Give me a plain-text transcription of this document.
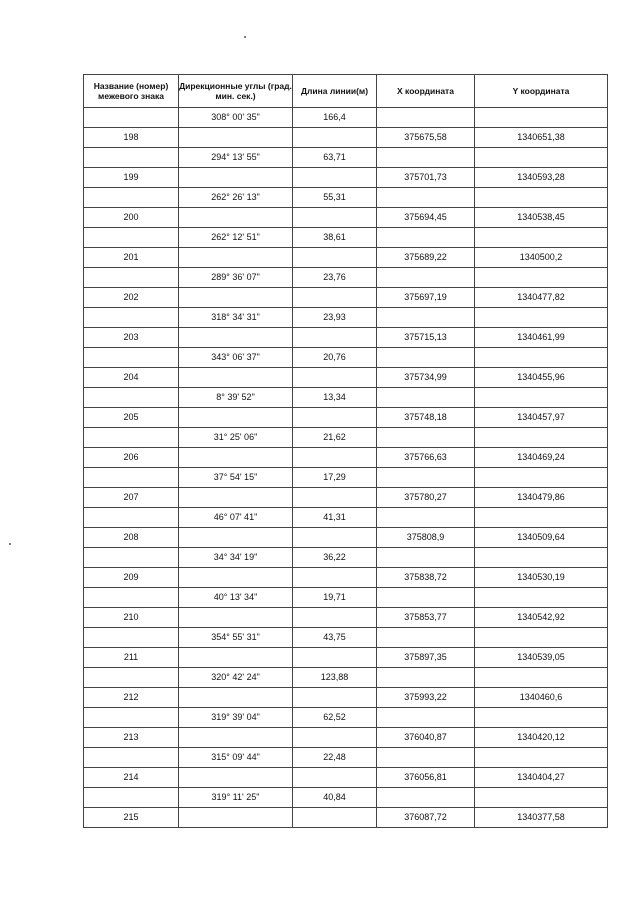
Название (номер) межевого знака	Дирекционные углы (град. мин. сек.)	Длина линии(м)	X координата	Y координата
	308° 00' 35"	166,4		
198			375675,58	1340651,38
	294° 13' 55"	63,71		
199			375701,73	1340593,28
	262° 26' 13"	55,31		
200			375694,45	1340538,45
	262° 12' 51"	38,61		
201			375689,22	1340500,2
	289° 36' 07"	23,76		
202			375697,19	1340477,82
	318° 34' 31"	23,93		
203			375715,13	1340461,99
	343° 06' 37"	20,76		
204			375734,99	1340455,96
	8° 39' 52"	13,34		
205			375748,18	1340457,97
	31° 25' 06"	21,62		
206			375766,63	1340469,24
	37° 54' 15"	17,29		
207			375780,27	1340479,86
	46° 07' 41"	41,31		
208			375808,9	1340509,64
	34° 34' 19"	36,22		
209			375838,72	1340530,19
	40° 13' 34"	19,71		
210			375853,77	1340542,92
	354° 55' 31"	43,75		
211			375897,35	1340539,05
	320° 42' 24"	123,88		
212			375993,22	1340460,6
	319° 39' 04"	62,52		
213			376040,87	1340420,12
	315° 09' 44"	22,48		
214			376056,81	1340404,27
	319° 11' 25"	40,84		
215			376087,72	1340377,58
